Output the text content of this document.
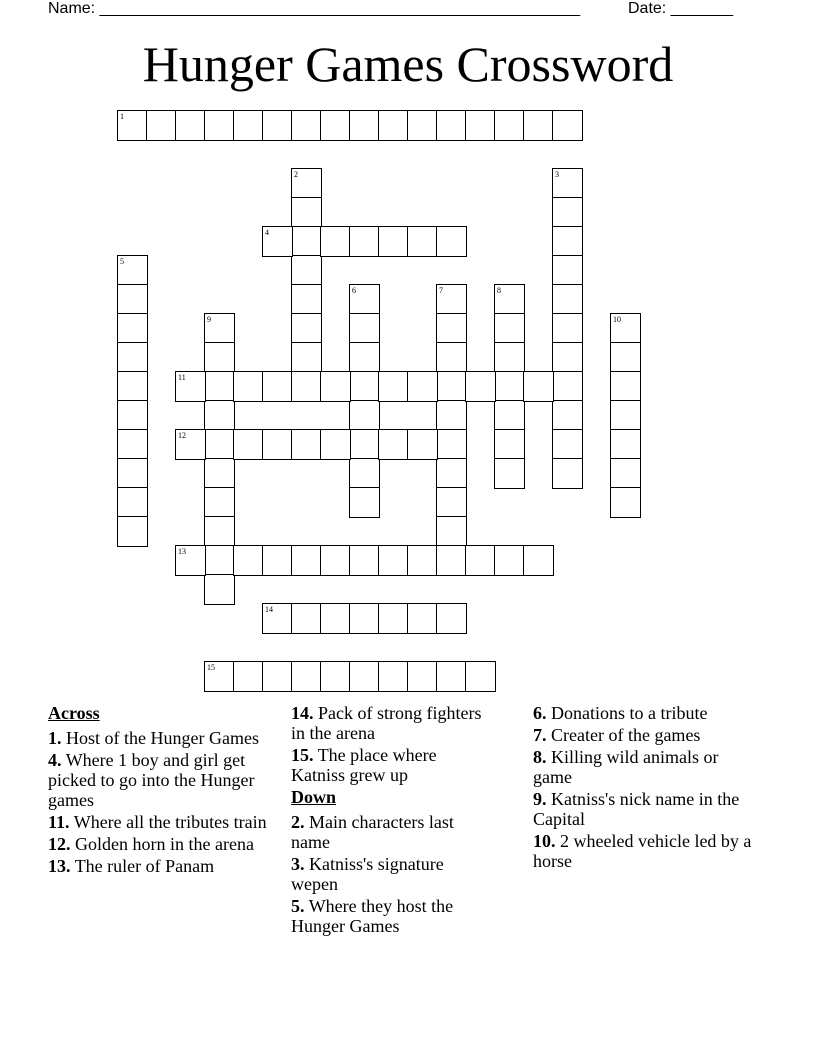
Name: ______________________________________________________	Date: _______
Hunger Games Crossword
1
2	3
4
5
6	7	8
9	10
11
12
13
14
15
Across
1. Host of the Hunger Games
4. Where 1 boy and girl get picked to go into the Hunger games
11. Where all the tributes train
12. Golden horn in the arena
13. The ruler of Panam
14. Pack of strong fighters in the arena
15. The place where Katniss grew up
Down
2. Main characters last name
3. Katniss's signature wepen
5. Where they host the Hunger Games
6. Donations to a tribute
7. Creater of the games
8. Killing wild animals or game
9. Katniss's nick name in the Capital
10. 2 wheeled vehicle led by a horse
